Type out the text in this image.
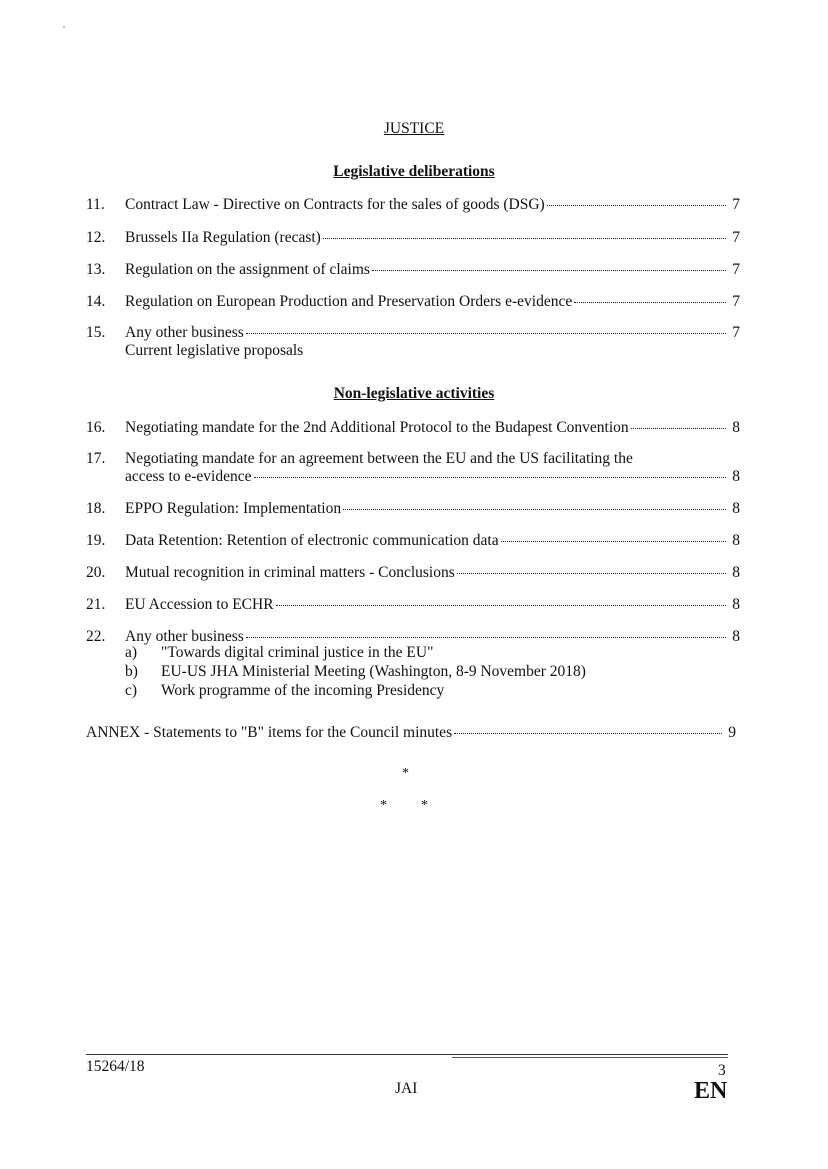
'
JUSTICE
Legislative deliberations
11.	Contract Law - Directive on Contracts for the sales of goods (DSG)	7
12.	Brussels IIa Regulation (recast)	7
13.	Regulation on the assignment of claims	7
14.	Regulation on European Production and Preservation Orders e-evidence	7
15.	Any other business	7
Current legislative proposals
Non-legislative activities
16.	Negotiating mandate for the 2nd Additional Protocol to the Budapest Convention	8
17.	Negotiating mandate for an agreement between the EU and the US facilitating the
access to e-evidence	8
18.	EPPO Regulation: Implementation	8
19.	Data Retention: Retention of electronic communication data	8
20.	Mutual recognition in criminal matters - Conclusions	8
21.	EU Accession to ECHR	8
22.	Any other business	8
a) "Towards digital criminal justice in the EU"
b) EU-US JHA Ministerial Meeting (Washington, 8-9 November 2018)
c) Work programme of the incoming Presidency
ANNEX - Statements to "B" items for the Council minutes	9
*
* *
15264/18	3
JAI	EN
